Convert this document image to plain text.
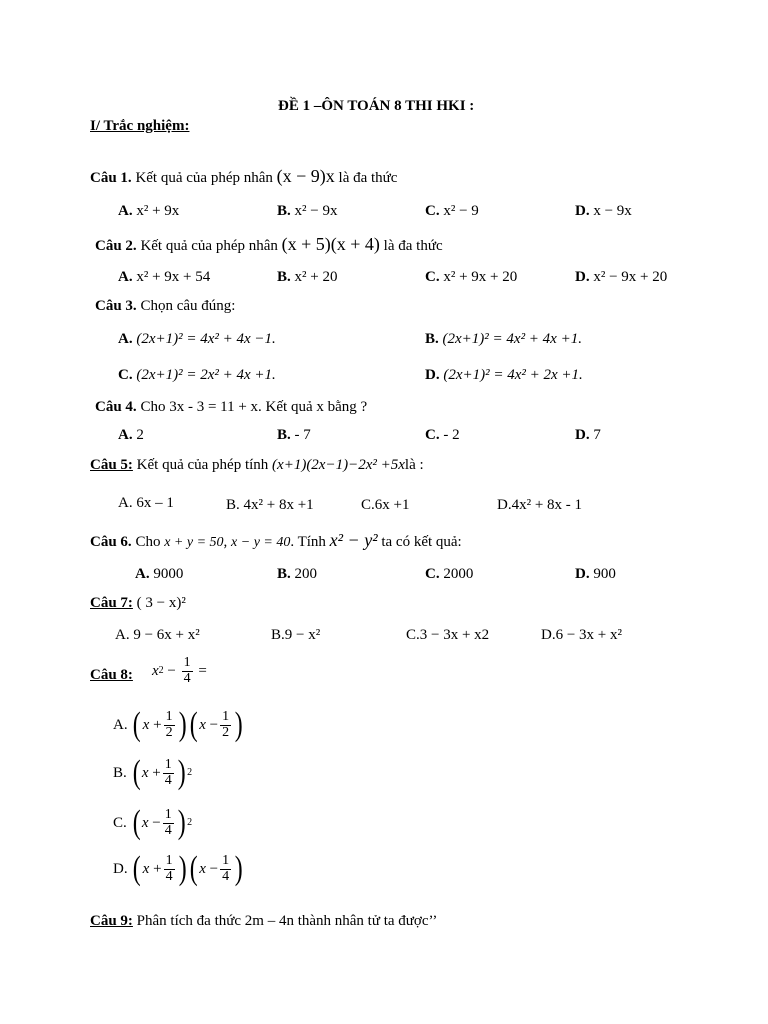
ĐỀ 1 –ÔN TOÁN 8 THI HKI :
I/ Trắc nghiệm:
Câu 1. Kết quả của phép nhân (x − 9)x là đa thức
A. x² + 9x	B. x² − 9x	C. x² − 9	D. x − 9x
Câu 2. Kết quả của phép nhân (x + 5)(x + 4) là đa thức
A. x² + 9x + 54	B. x² + 20	C. x² + 9x + 20	D. x² − 9x + 20
Câu 3. Chọn câu đúng:
A. (2x+1)² = 4x² + 4x −1.	B. (2x+1)² = 4x² + 4x +1.
C. (2x+1)² = 2x² + 4x +1.	D. (2x+1)² = 4x² + 2x +1.
Câu 4. Cho 3x - 3 = 11 + x. Kết quả x bằng ?
A. 2	B. - 7	C. - 2	D. 7
Câu 5: Kết quả của phép tính (x+1)(2x−1)−2x² +5xlà :
A. 6x – 1	B. 4x² + 8x +1	C.6x +1	D.4x² + 8x - 1
Câu 6. Cho x + y = 50, x − y = 40. Tính x² − y² ta có kết quả:
A. 9000	B. 200	C. 2000	D. 900
Câu 7: ( 3 − x)²
A. 9 − 6x + x²	B.9 − x²	C.3 − 3x + x2	D.6 − 3x + x²
Câu 8: x $2 - \frac{1}{4}$ =
A. ( $x + \frac{1}{2}$ ) ( $x - \frac{1}{2}$ )
B. ( $x + \frac{1}{4}$ ) 2
C. ( $x - \frac{1}{4}$ ) 2
D. ( $x + \frac{1}{4}$ ) ( $x - \frac{1}{4}$ )
Câu 9: Phân tích đa thức 2m – 4n thành nhân tử ta được’’
